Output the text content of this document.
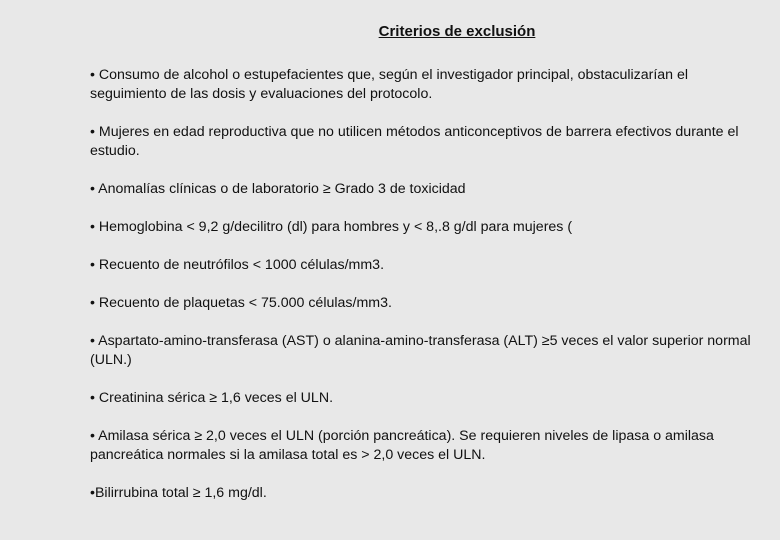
Criterios de exclusión
• Consumo de alcohol o estupefacientes que, según el investigador principal, obstaculizarían el seguimiento de las dosis y evaluaciones del protocolo.
• Mujeres en edad reproductiva que no utilicen métodos anticonceptivos de barrera efectivos durante el estudio.
• Anomalías clínicas o de laboratorio ≥ Grado 3 de toxicidad
• Hemoglobina < 9,2 g/decilitro (dl) para hombres y < 8,.8 g/dl para mujeres (
• Recuento de neutrófilos < 1000 células/mm3.
• Recuento de plaquetas < 75.000 células/mm3.
• Aspartato-amino-transferasa (AST) o alanina-amino-transferasa (ALT) ≥5 veces el valor superior normal (ULN.)
• Creatinina sérica ≥ 1,6 veces el ULN.
• Amilasa sérica ≥ 2,0 veces el ULN (porción pancreática). Se requieren niveles de lipasa o amilasa pancreática normales si la amilasa total es > 2,0 veces el ULN.
•Bilirrubina total ≥ 1,6 mg/dl.
